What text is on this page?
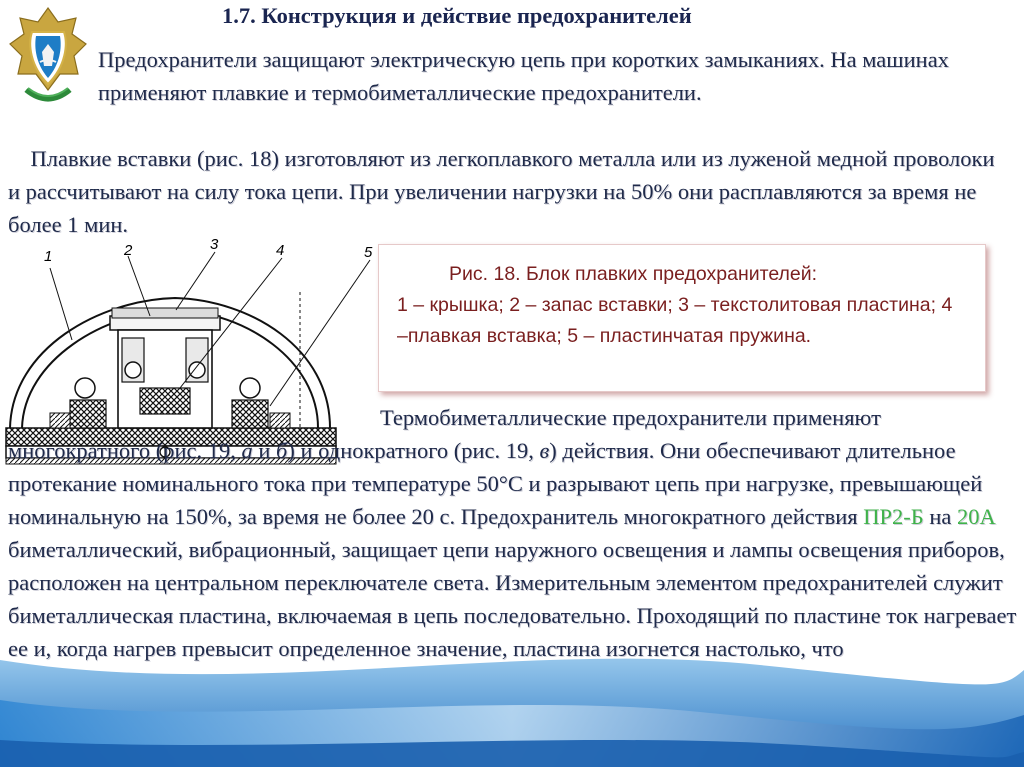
1.7. Конструкция и действие предохранителей

Предохранители защищают электрическую цепь при коротких замыканиях. На машинах применяют плавкие и термобиметаллические предохранители.

Плавкие вставки (рис. 18) изготовляют из легкоплавкого металла или из луженой медной проволоки и рассчитывают на силу тока цепи. При увеличении нагрузки на 50% они расплавляются за время не более 1 мин.

1	2	3	4	5
Рис. 18. Блок плавких предохранителей:
1 – крышка; 2 – запас вставки; 3 – текстолитовая пластина; 4 –плавкая вставка; 5 – пластинчатая пружина.

Термобиметаллические предохранители применяют многократного (рис. 19, а и б) и однократного (рис. 19, в) действия. Они обеспечивают длительное протекание номинального тока при температуре 50°С и разрывают цепь при нагрузке, превышающей номинальную на 150%, за время не более 20 с. Предохранитель многократного действия ПР2-Б на 20А биметаллический, вибрационный, защищает цепи наружного освещения и лампы освещения приборов, расположен на центральном переключателе света. Измерительным элементом предохранителей служит биметаллическая пластина, включаемая в цепь последовательно. Проходящий по пластине ток нагревает ее и, когда нагрев превысит определенное значение, пластина изогнется настолько, что
